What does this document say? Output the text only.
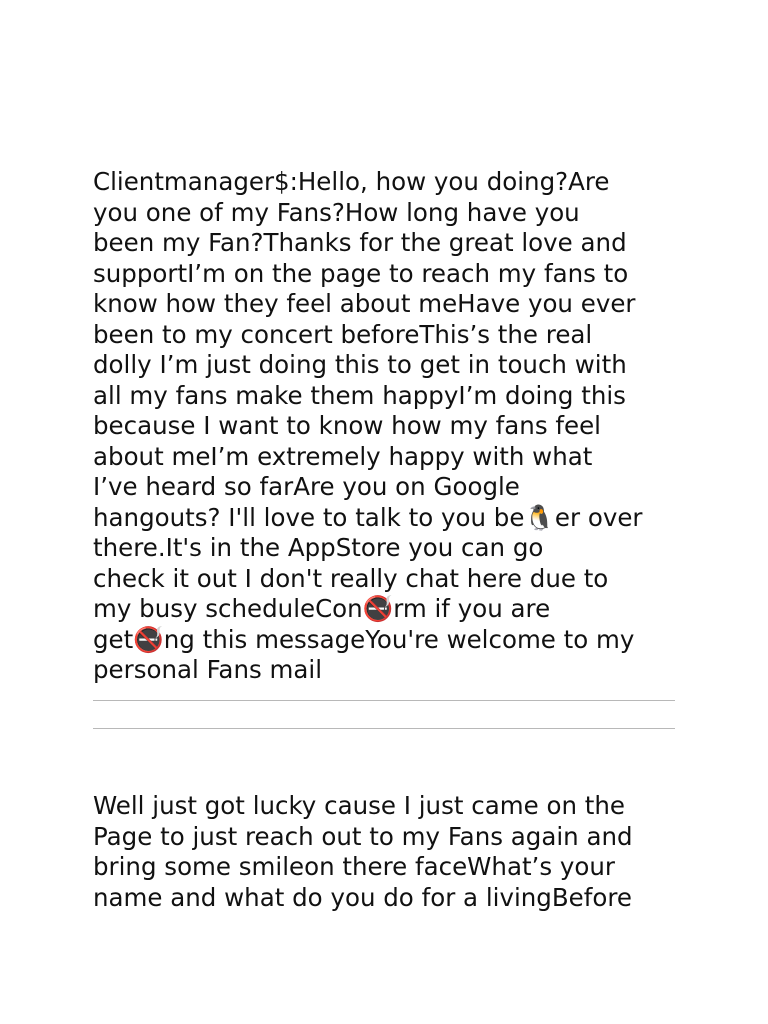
Clientmanager$:Hello, how you doing?Are
you one of my Fans?How long have you
been my Fan?Thanks for the great love and
supportI’m on the page to reach my fans to
know how they feel about meHave you ever
been to my concert beforeThis’s the real
dolly I’m just doing this to get in touch with
all my fans make them happyI’m doing this
because I want to know how my fans feel
about meI’m extremely happy with what
I’ve heard so farAre you on Google
hangouts? I'll love to talk to you be🐧er over
there.It's in the AppStore you can go
check it out I don't really chat here due to
my busy scheduleCon🚭rm if you are
get🚭ng this messageYou're welcome to my
personal Fans mail

Well just got lucky cause I just came on the
Page to just reach out to my Fans again and
bring some smileon there faceWhat’s your
name and what do you do for a livingBefore
